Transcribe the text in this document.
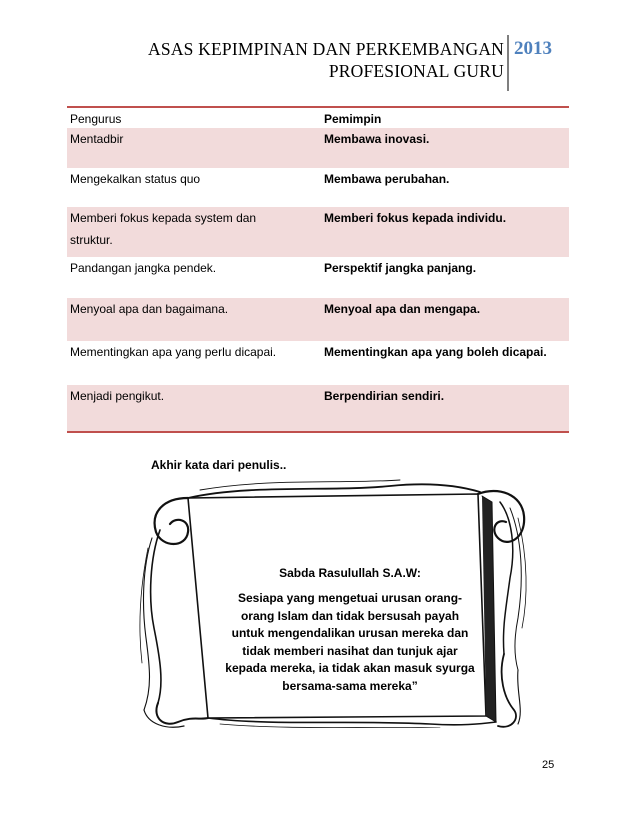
ASAS KEPIMPINAN DAN PERKEMBANGAN
PROFESIONAL GURU
2013
Pengurus	Pemimpin
Mentadbir	Membawa inovasi.
Mengekalkan status quo	Membawa perubahan.

Memberi fokus kepada system dan
struktur.	Memberi fokus kepada individu.
Pandangan jangka pendek.	Perspektif jangka panjang.
Menyoal apa dan bagaimana.	Menyoal apa dan mengapa.
Mementingkan apa yang perlu dicapai.	Mementingkan apa yang boleh dicapai.
Menjadi pengikut.	Berpendirian sendiri.
Akhir kata dari penulis..
Sabda Rasulullah S.A.W:
Sesiapa yang mengetuai urusan orang-
orang Islam dan tidak bersusah payah
untuk mengendalikan urusan mereka dan
tidak memberi nasihat dan tunjuk ajar
kepada mereka, ia tidak akan masuk syurga
bersama-sama mereka”
25
